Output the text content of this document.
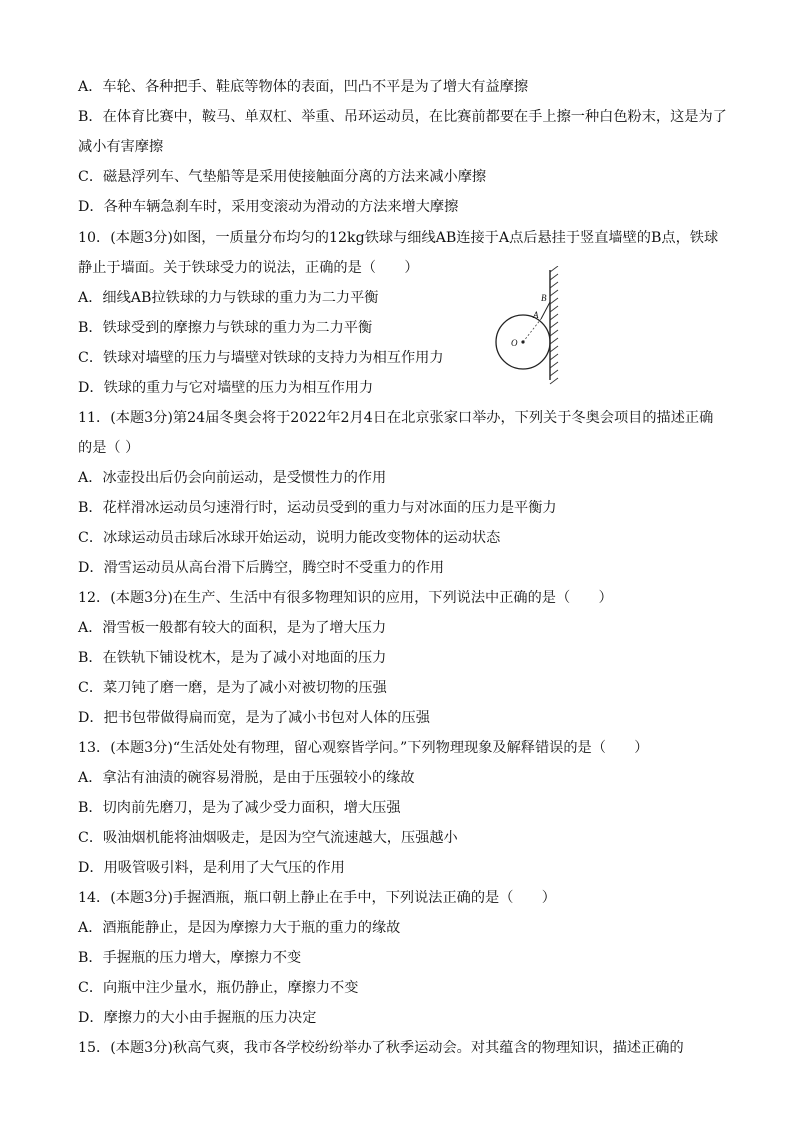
A．车轮、各种把手、鞋底等物体的表面，凹凸不平是为了增大有益摩擦
B．在体育比赛中，鞍马、单双杠、举重、吊环运动员，在比赛前都要在手上擦一种白色粉末，这是为了
减小有害摩擦
C．磁悬浮列车、气垫船等是采用使接触面分离的方法来减小摩擦
D．各种车辆急刹车时，采用变滚动为滑动的方法来增大摩擦
10．(本题3分)如图，一质量分布均匀的12kg铁球与细线AB连接于A点后悬挂于竖直墙壁的B点，铁球
静止于墙面。关于铁球受力的说法，正确的是（　　）
A．细线AB拉铁球的力与铁球的重力为二力平衡
B．铁球受到的摩擦力与铁球的重力为二力平衡
C．铁球对墙壁的压力与墙壁对铁球的支持力为相互作用力
D．铁球的重力与它对墙壁的压力为相互作用力
11．(本题3分)第24届冬奥会将于2022年2月4日在北京张家口举办，下列关于冬奥会项目的描述正确
的是（ ）
A．冰壶投出后仍会向前运动，是受惯性力的作用
B．花样滑冰运动员匀速滑行时，运动员受到的重力与对冰面的压力是平衡力
C．冰球运动员击球后冰球开始运动，说明力能改变物体的运动状态
D．滑雪运动员从高台滑下后腾空，腾空时不受重力的作用
12．(本题3分)在生产、生活中有很多物理知识的应用，下列说法中正确的是（　　）
A．滑雪板一般都有较大的面积，是为了增大压力
B．在铁轨下铺设枕木，是为了减小对地面的压力
C．菜刀钝了磨一磨，是为了减小对被切物的压强
D．把书包带做得扁而宽，是为了减小书包对人体的压强
13．(本题3分)“生活处处有物理，留心观察皆学问。”下列物理现象及解释错误的是（　　）
A．拿沾有油渍的碗容易滑脱，是由于压强较小的缘故
B．切肉前先磨刀，是为了减少受力面积，增大压强
C．吸油烟机能将油烟吸走，是因为空气流速越大，压强越小
D．用吸管吸引料，是利用了大气压的作用
14．(本题3分)手握酒瓶，瓶口朝上静止在手中，下列说法正确的是（　　）
A．酒瓶能静止，是因为摩擦力大于瓶的重力的缘故
B．手握瓶的压力增大，摩擦力不变
C．向瓶中注少量水，瓶仍静止，摩擦力不变
D．摩擦力的大小由手握瓶的压力决定
15．(本题3分)秋高气爽，我市各学校纷纷举办了秋季运动会。对其蕴含的物理知识，描述正确的
B
A
O
